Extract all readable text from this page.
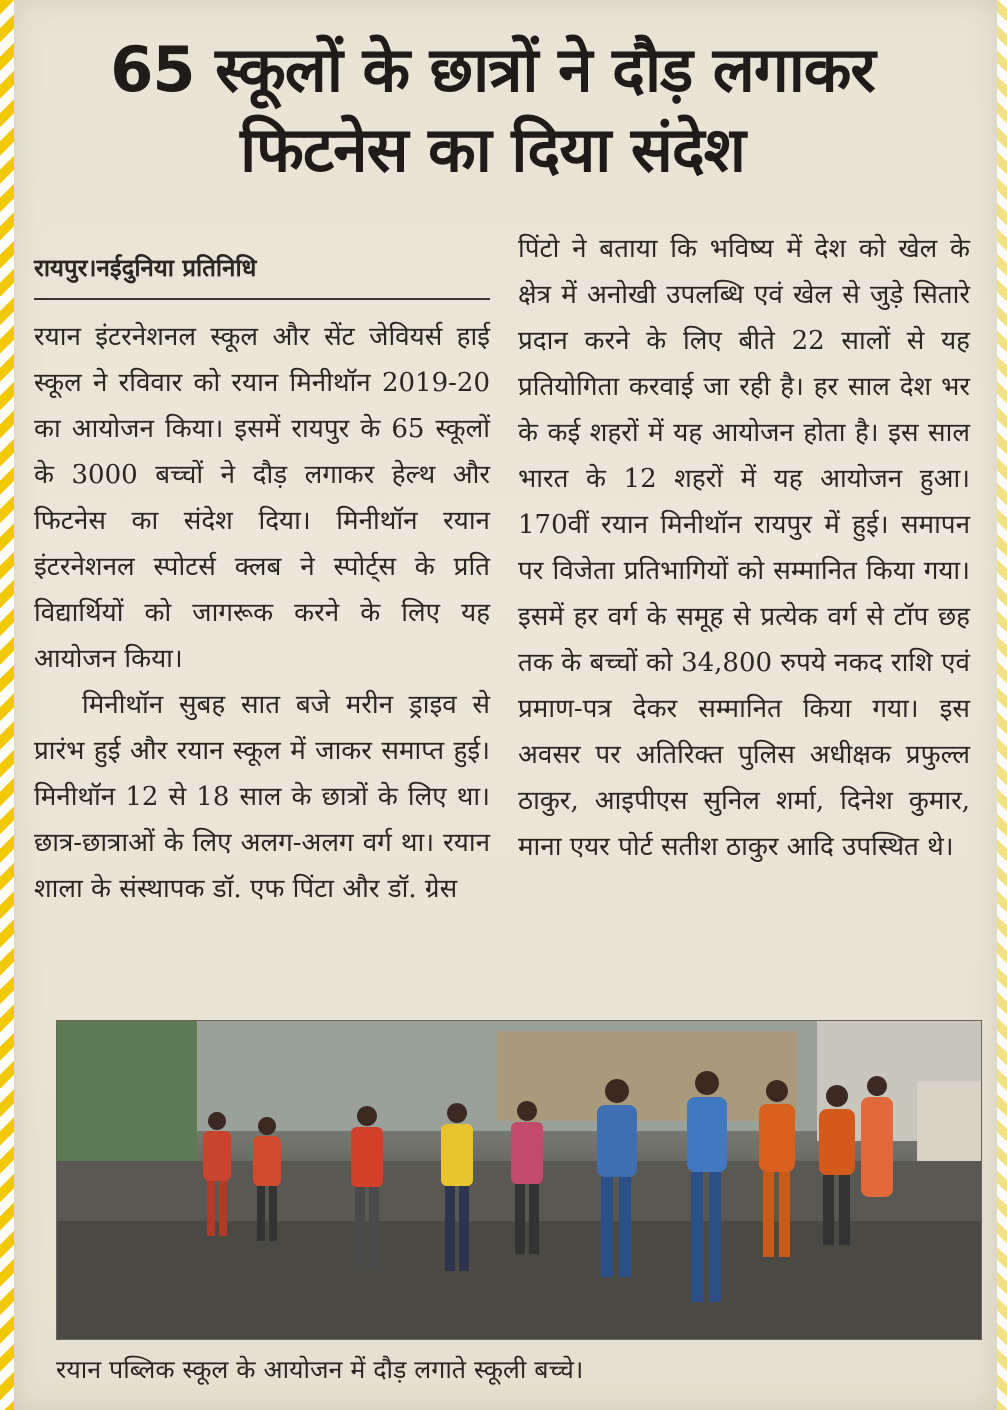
65 स्कूलों के छात्रों ने दौड़ लगाकर
फिटनेस का दिया संदेश
रायपुर।नईदुनिया प्रतिनिधि

रयान इंटरनेशनल स्कूल और सेंट जेवियर्स हाई स्कूल ने रविवार को रयान मिनीथॉन 2019-20 का आयोजन किया। इसमें रायपुर के 65 स्कूलों के 3000 बच्चों ने दौड़ लगाकर हेल्थ और फिटनेस का संदेश दिया। मिनीथॉन रयान इंटरनेशनल स्पोटर्स क्लब ने स्पोर्ट्स के प्रति विद्यार्थियों को जागरूक करने के लिए यह आयोजन किया।

मिनीथॉन सुबह सात बजे मरीन ड्राइव से प्रारंभ हुई और रयान स्कूल में जाकर समाप्त हुई। मिनीथॉन 12 से 18 साल के छात्रों के लिए था। छात्र-छात्राओं के लिए अलग-अलग वर्ग था। रयान शाला के संस्थापक डॉ. एफ पिंटा और डॉ. ग्रेस

पिंटो ने बताया कि भविष्य में देश को खेल के क्षेत्र में अनोखी उपलब्धि एवं खेल से जुड़े सितारे प्रदान करने के लिए बीते 22 सालों से यह प्रतियोगिता करवाई जा रही है। हर साल देश भर के कई शहरों में यह आयोजन होता है। इस साल भारत के 12 शहरों में यह आयोजन हुआ। 170वीं रयान मिनीथॉन रायपुर में हुई। समापन पर विजेता प्रतिभागियों को सम्मानित किया गया। इसमें हर वर्ग के समूह से प्रत्येक वर्ग से टॉप छह तक के बच्चों को 34,800 रुपये नकद राशि एवं प्रमाण-पत्र देकर सम्मानित किया गया। इस अवसर पर अतिरिक्त पुलिस अधीक्षक प्रफुल्ल ठाकुर, आइपीएस सुनिल शर्मा, दिनेश कुमार, माना एयर पोर्ट सतीश ठाकुर आदि उपस्थित थे।

रयान पब्लिक स्कूल के आयोजन में दौड़ लगाते स्कूली बच्चे।
